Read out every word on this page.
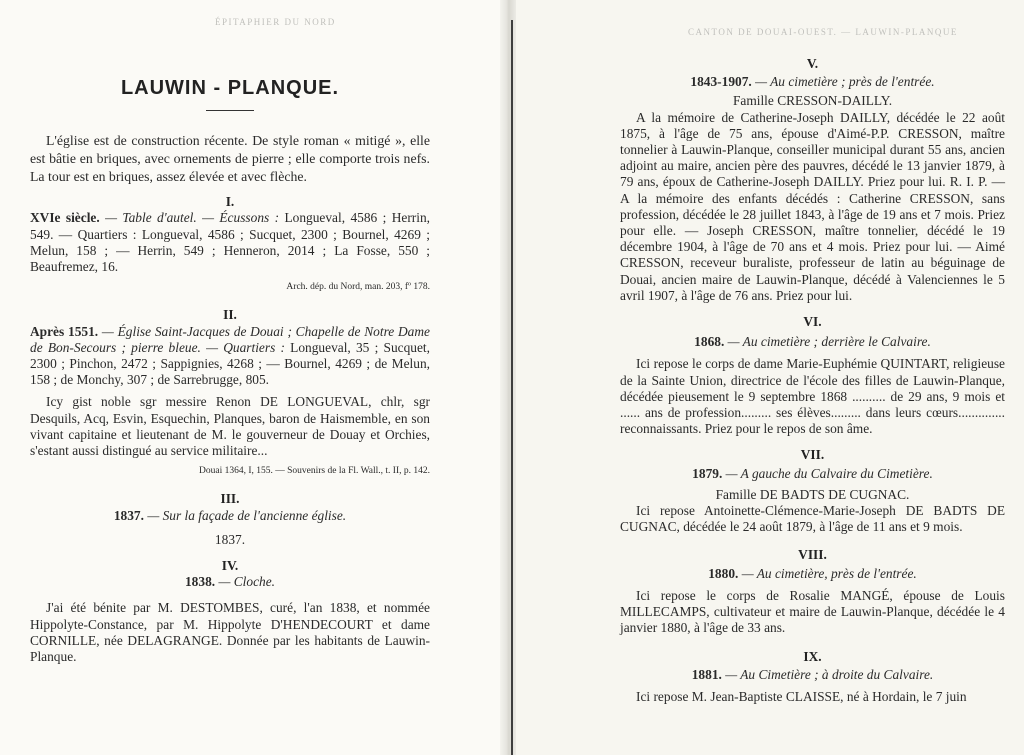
ÉPITAPHIER DU NORD
LAUWIN - PLANQUE.

L'église est de construction récente. De style roman « mitigé », elle est bâtie en briques, avec ornements de pierre ; elle comporte trois nefs. La tour est en briques, assez élevée et avec flèche.

I.

XVIe siècle. — Table d'autel. — Écussons : Longueval, 4586 ; Herrin, 549. — Quartiers : Longueval, 4586 ; Sucquet, 2300 ; Bournel, 4269 ; Melun, 158 ; — Herrin, 549 ; Henneron, 2014 ; La Fosse, 550 ; Beaufremez, 16.

Arch. dép. du Nord, man. 203, fº 178.

II.

Après 1551. — Église Saint-Jacques de Douai ; Chapelle de Notre Dame de Bon-Secours ; pierre bleue. — Quartiers : Longueval, 35 ; Sucquet, 2300 ; Pinchon, 2472 ; Sappignies, 4268 ; — Bournel, 4269 ; de Melun, 158 ; de Monchy, 307 ; de Sarrebrugge, 805.

Icy gist noble sgr messire Renon DE LONGUEVAL, chlr, sgr Desquils, Acq, Esvin, Esquechin, Planques, baron de Haismemble, en son vivant capitaine et lieutenant de M. le gouverneur de Douay et Orchies, s'estant aussi distingué au service militaire...

Douai 1364, I, 155. — Souvenirs de la Fl. Wall., t. II, p. 142.

III.

1837. — Sur la façade de l'ancienne église.

1837.

IV.

1838. — Cloche.

J'ai été bénite par M. DESTOMBES, curé, l'an 1838, et nommée Hippolyte-Constance, par M. Hippolyte D'HENDECOURT et dame CORNILLE, née DELAGRANGE. Donnée par les habitants de Lauwin-Planque.

CANTON DE DOUAI-OUEST. — LAUWIN-PLANQUE

V.

1843-1907. — Au cimetière ; près de l'entrée.

Famille CRESSON-DAILLY.

A la mémoire de Catherine-Joseph DAILLY, décédée le 22 août 1875, à l'âge de 75 ans, épouse d'Aimé-P.P. CRESSON, maître tonnelier à Lauwin-Planque, conseiller municipal durant 55 ans, ancien adjoint au maire, ancien père des pauvres, décédé le 13 janvier 1879, à 79 ans, époux de Catherine-Joseph DAILLY. Priez pour lui. R. I. P. — A la mémoire des enfants décédés : Catherine CRESSON, sans profession, décédée le 28 juillet 1843, à l'âge de 19 ans et 7 mois. Priez pour elle. — Joseph CRESSON, maître tonnelier, décédé le 19 décembre 1904, à l'âge de 70 ans et 4 mois. Priez pour lui. — Aimé CRESSON, receveur buraliste, professeur de latin au béguinage de Douai, ancien maire de Lauwin-Planque, décédé à Valenciennes le 5 avril 1907, à l'âge de 76 ans. Priez pour lui.

VI.

1868. — Au cimetière ; derrière le Calvaire.

Ici repose le corps de dame Marie-Euphémie QUINTART, religieuse de la Sainte Union, directrice de l'école des filles de Lauwin-Planque, décédée pieusement le 9 septembre 1868 .......... de 29 ans, 9 mois et ...... ans de profession......... ses élèves......... dans leurs cœurs.............. reconnaissants. Priez pour le repos de son âme.

VII.

1879. — A gauche du Calvaire du Cimetière.

Famille DE BADTS DE CUGNAC.

Ici repose Antoinette-Clémence-Marie-Joseph DE BADTS DE CUGNAC, décédée le 24 août 1879, à l'âge de 11 ans et 9 mois.

VIII.

1880. — Au cimetière, près de l'entrée.

Ici repose le corps de Rosalie MANGÉ, épouse de Louis MILLECAMPS, cultivateur et maire de Lauwin-Planque, décédée le 4 janvier 1880, à l'âge de 33 ans.

IX.

1881. — Au Cimetière ; à droite du Calvaire.

Ici repose M. Jean-Baptiste CLAISSE, né à Hordain, le 7 juin
